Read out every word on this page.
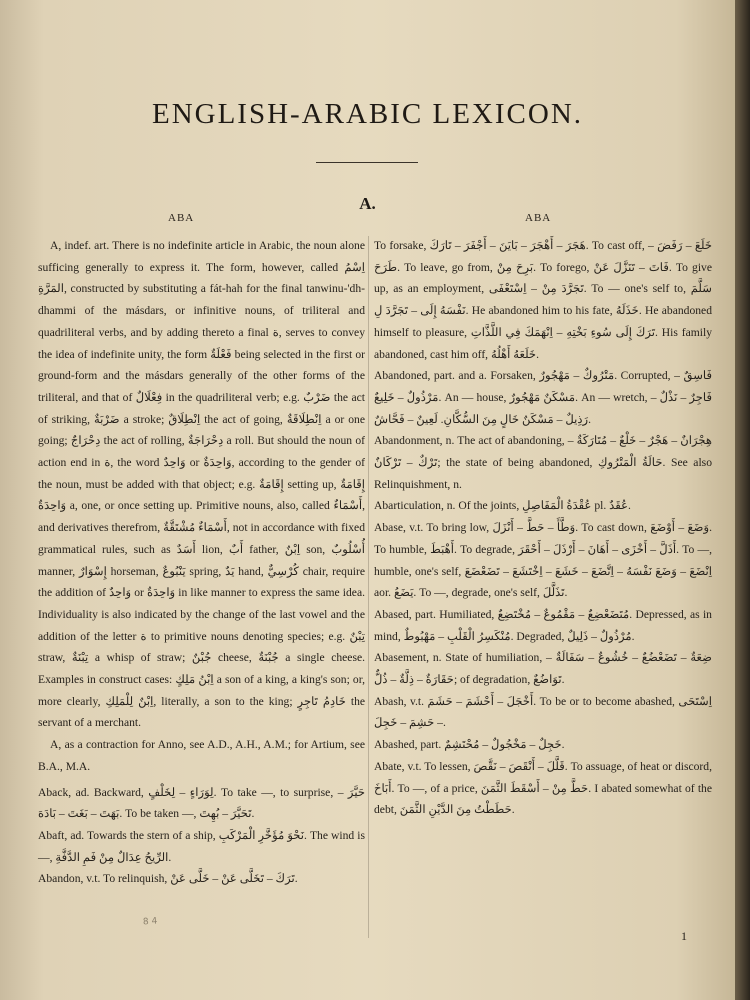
ENGLISH-ARABIC LEXICON.
ABA
A.
ABA

A, indef. art. There is no indefinite article in Arabic, the noun alone sufficing generally to express it. The form, however, called اِسْمُ المَرَّةِ, constructed by substituting a fát-hah for the final tanwinu-'dh-dhammi of the másdars, or infinitive nouns, of triliteral and quadriliteral verbs, and by adding thereto a final ة, serves to convey the idea of indefinite unity, the form فَعْلَةٌ being selected in the first or ground-form and the másdars generally of the other forms of the triliteral, and that of فِعْلَالٌ in the quadriliteral verb; e.g. ضَرْبٌ the act of striking, ضَرْبَةٌ a stroke; اِنْطِلَاقٌ the act of going, اِنْطِلَاقَةٌ a or one going; دِحْرَاجٌ the act of rolling, دِحْرَاجَةٌ a roll. But should the noun of action end in ة, the word وَاحِدٌ or وَاحِدَةٌ, according to the gender of the noun, must be added with that object; e.g. إِقَامَةٌ setting up, إِقَامَةٌ وَاحِدَةٌ a, one, or once setting up. Primitive nouns, also, called أَسْمَاءٌ, and derivatives therefrom, أَسْمَاءٌ مُشْتَقَّةٌ, not in accordance with fixed grammatical rules, such as أَسَدٌ lion, أَبٌ father, اِبْنٌ son, أُسْلُوبٌ manner, إِسْوَارٌ horseman, يَنْبُوعٌ spring, يَدٌ hand, كُرْسِيٌّ chair, require the addition of وَاحِدٌ or وَاحِدَةٌ in like manner to express the same idea. Individuality is also indicated by the change of the last vowel and the addition of the letter ة to primitive nouns denoting species; e.g. تِبْنٌ straw, تِبْنَةٌ a whisp of straw; جُبْنٌ cheese, جُبْنَةٌ a single cheese. Examples in construct cases: اِبْنُ مَلِكٍ a son of a king, a king's son; or, more clearly, اِبْنٌ لِلْمَلِكِ, literally, a son to the king; خَادِمُ تَاجِرٍ the servant of a merchant.

A, as a contraction for Anno, see A.D., A.H., A.M.; for Artium, see B.A., M.A.

Aback, ad. Backward, لِوَرَاءٍ – لِخَلْفٍ. To take —, to surprise, حَيَّرَ – بَهَتَ – بَغَتَ – بَادَهَ. To be taken —, تَحَيَّرَ – بُهِتَ.

Abaft, ad. Towards the stern of a ship, نَحْوَ مُؤَخَّرِ الْمَرْكَبِ. The wind is —, الرِّيحُ عِدَالٌ مِنْ فَمِ الدَّفَّةِ.

Abandon, v.t. To relinquish, تَرَكَ – تَخَلَّى عَنْ – خَلَّى عَنْ.

To forsake, هَجَرَ – أَهْجَرَ – بَايَنَ – أَجْفَرَ – تَارَكَ. To cast off, خَلَعَ – رَفَضَ – طَرَحَ. To leave, go from, بَرِحَ مِنْ. To forego, فَاتَ – تَنَزَّلَ عَنْ. To give up, as an employment, تَجَرَّدَ مِنْ – اِسْتَعْفَى. To — one's self to, سَلَّمَ نَفْسَهُ إِلَى – تَجَرَّدَ لِ. He abandoned him to his fate, خَذَلَهُ. He abandoned himself to pleasure, تَرَكَ إِلَى سُوءِ بَخْتِهِ – اِنْهَمَكَ فِي اللَّذَّاتِ. His family abandoned, cast him off, خَلَعَهُ أَهْلُهُ.

Abandoned, part. and a. Forsaken, مَتْرُوكٌ – مَهْجُورٌ. Corrupted, فَاسِقٌ – مَرْذُولٌ – خَلِيعٌ. An — house, مَسْكَنٌ مَهْجُورٌ. An — wretch, فَاجِرٌ – نَذْلٌ – رَذِيلٌ – مَسْكَنٌ خَالٍ مِنَ السُّكَّانِ. لَعِينٌ – فَحَّاشٌ.

Abandonment, n. The act of abandoning, هِجْرَانٌ – هَجْرٌ – خَلْعٌ – مُتَارَكَةٌ – تَرْكٌ – تَرْكَانٌ; the state of being abandoned, حَالَةُ الْمَتْرُوكِ. See also Relinquishment, n.

Abarticulation, n. Of the joints, عُقْدَةُ الْمَفَاصِلِ pl. عُقَدٌ.

Abase, v.t. To bring low, وَطَّأَ – حَطَّ – أَنْزَلَ. To cast down, وَضَعَ – أَوْضَعَ. To humble, أَهْبَطَ. To degrade, أَذَلَّ – أَخْزَى – أَهَانَ – أَرْذَلَ – أَحْقَرَ. To —, humble, one's self, اِنْضَعَ – وَضَعَ نَفْسَهُ – اِتَّضَعَ – خَشَعَ – اِخْتَشَعَ – تَضَعْضَعَ aor. يَضَعُ. To —, degrade, one's self, تَذَلَّلَ.

Abased, part. Humiliated, مُتَضَعْضِعٌ – مَقْمُوعٌ – مُخْتَضِعٌ. Depressed, as in mind, مُنْكَسِرُ الْقَلْبِ – مَهْبُوطٌ. Degraded, مُرْذُولٌ – ذَلِيلٌ.

Abasement, n. State of humiliation, ضِعَةٌ – تَضَعْضُعٌ – خُشُوعٌ – سَفَالَةٌ – حَقَارَةٌ – ذِلَّةٌ – ذُلٌّ; of degradation, تَوَاضُعٌ.

Abash, v.t. أَخْجَلَ – أَحْشَمَ – حَشَمَ. To be or to become abashed, اِسْتَحَى – حَشِمَ – خَجِلَ.

Abashed, part. خَجِلٌ – مَخْجُولٌ – مُحْتَشِمٌ.

Abate, v.t. To lessen, قَلَّلَ – أَنْقَصَ – نَقَّصَ. To assuage, of heat or discord, أَبَاخَ. To —, of a price, حَطَّ مِنْ – أَسْقَطَ الثَّمَنَ. I abated somewhat of the debt, حَطَطْتُ مِنَ الدَّيْنِ الثَّمَنَ.

8 4
1
